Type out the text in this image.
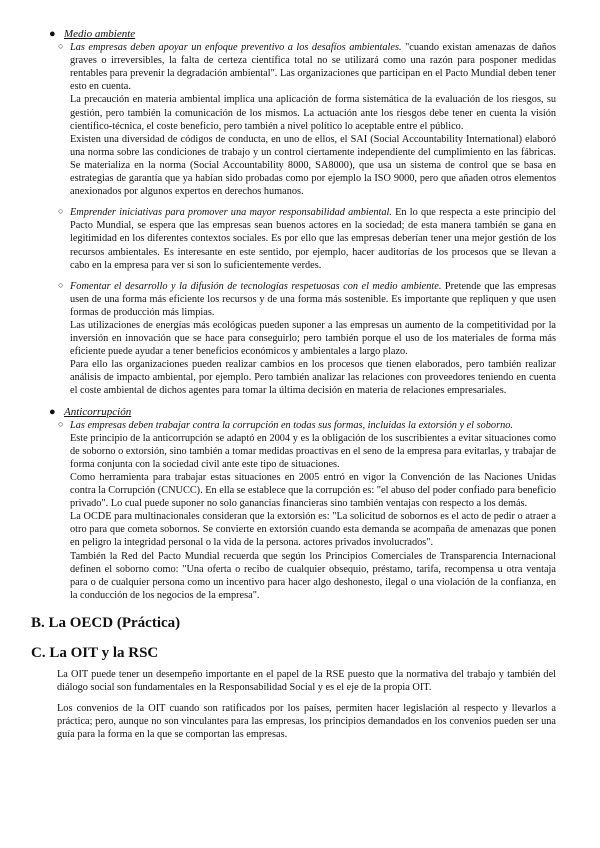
● Medio ambiente
○ Las empresas deben apoyar un enfoque preventivo a los desafíos ambientales. "cuando existan amenazas de daños graves o irreversibles, la falta de certeza científica total no se utilizará como una razón para posponer medidas rentables para prevenir la degradación ambiental". Las organizaciones que participan en el Pacto Mundial deben tener esto en cuenta.

La precaución en materia ambiental implica una aplicación de forma sistemática de la evaluación de los riesgos, su gestión, pero también la comunicación de los mismos. La actuación ante los riesgos debe tener en cuenta la visión científico-técnica, el coste beneficio, pero también a nivel político lo aceptable entre el público.

Existen una diversidad de códigos de conducta, en uno de ellos, el SAI (Social Accountability International) elaboró una norma sobre las condiciones de trabajo y un control ciertamente independiente del cumplimiento en las fábricas. Se materializa en la norma (Social Accountability 8000, SA8000), que usa un sistema de control que se basa en estrategias de garantía que ya habían sido probadas como por ejemplo la ISO 9000, pero que añaden otros elementos anexionados por algunos expertos en derechos humanos.

○ Emprender iniciativas para promover una mayor responsabilidad ambiental. En lo que respecta a este principio del Pacto Mundial, se espera que las empresas sean buenos actores en la sociedad; de esta manera también se gana en legitimidad en los diferentes contextos sociales. Es por ello que las empresas deberían tener una mejor gestión de los recursos ambientales. Es interesante en este sentido, por ejemplo, hacer auditorías de los procesos que se llevan a cabo en la empresa para ver si son lo suficientemente verdes.
○ Fomentar el desarrollo y la difusión de tecnologías respetuosas con el medio ambiente. Pretende que las empresas usen de una forma más eficiente los recursos y de una forma más sostenible. Es importante que repliquen y que usen formas de producción más limpias.

Las utilizaciones de energías más ecológicas pueden suponer a las empresas un aumento de la competitividad por la inversión en innovación que se hace para conseguirlo; pero también porque el uso de los materiales de forma más eficiente puede ayudar a tener beneficios económicos y ambientales a largo plazo.

Para ello las organizaciones pueden realizar cambios en los procesos que tienen elaborados, pero también realizar análisis de impacto ambiental, por ejemplo. Pero también analizar las relaciones con proveedores teniendo en cuenta el coste ambiental de dichos agentes para tomar la última decisión en materia de relaciones empresariales.

● Anticorrupción
○ Las empresas deben trabajar contra la corrupción en todas sus formas, incluidas la extorsión y el soborno.

Este principio de la anticorrupción se adaptó en 2004 y es la obligación de los suscribientes a evitar situaciones como de soborno o extorsión, sino también a tomar medidas proactivas en el seno de la empresa para evitarlas, y trabajar de forma conjunta con la sociedad civil ante este tipo de situaciones.

Como herramienta para trabajar estas situaciones en 2005 entró en vigor la Convención de las Naciones Unidas contra la Corrupción (CNUCC). En ella se establece que la corrupción es: "el abuso del poder confiado para beneficio privado". Lo cual puede suponer no solo ganancias financieras sino también ventajas con respecto a los demás.

La OCDE para multinacionales consideran que la extorsión es: "La solicitud de sobornos es el acto de pedir o atraer a otro para que cometa sobornos. Se convierte en extorsión cuando esta demanda se acompaña de amenazas que ponen en peligro la integridad personal o la vida de la persona. actores privados involucrados".

También la Red del Pacto Mundial recuerda que según los Principios Comerciales de Transparencia Internacional definen el soborno como: "Una oferta o recibo de cualquier obsequio, préstamo, tarifa, recompensa u otra ventaja para o de cualquier persona como un incentivo para hacer algo deshonesto, ilegal o una violación de la confianza, en la conducción de los negocios de la empresa".

B. La OECD (Práctica)
C. La OIT y la RSC

La OIT puede tener un desempeño importante en el papel de la RSE puesto que la normativa del trabajo y también del diálogo social son fundamentales en la Responsabilidad Social y es el eje de la propia OIT.

Los convenios de la OIT cuando son ratificados por los países, permiten hacer legislación al respecto y llevarlos a práctica; pero, aunque no son vinculantes para las empresas, los principios demandados en los convenios pueden ser una guía para la forma en la que se comportan las empresas.
